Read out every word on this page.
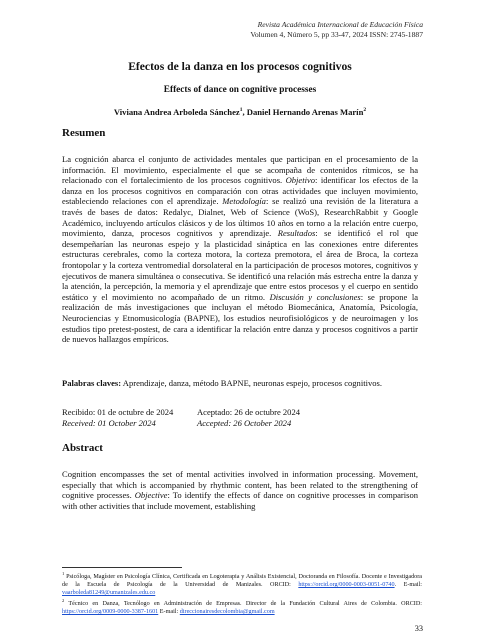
Revista Académica Internacional de Educación Física
Volumen 4, Número 5, pp 33-47, 2024 ISSN: 2745-1887
Efectos de la danza en los procesos cognitivos
Effects of dance on cognitive processes
Viviana Andrea Arboleda Sánchez$^1$, Daniel Hernando Arenas Marín$^2$
Resumen

La cognición abarca el conjunto de actividades mentales que participan en el procesamiento de la información. El movimiento, especialmente el que se acompaña de contenidos rítmicos, se ha relacionado con el fortalecimiento de los procesos cognitivos. Objetivo: identificar los efectos de la danza en los procesos cognitivos en comparación con otras actividades que incluyen movimiento, estableciendo relaciones con el aprendizaje. Metodología: se realizó una revisión de la literatura a través de bases de datos: Redalyc, Dialnet, Web of Science (WoS), ResearchRabbit y Google Académico, incluyendo artículos clásicos y de los últimos 10 años en torno a la relación entre cuerpo, movimiento, danza, procesos cognitivos y aprendizaje. Resultados: se identificó el rol que desempeñarían las neuronas espejo y la plasticidad sináptica en las conexiones entre diferentes estructuras cerebrales, como la corteza motora, la corteza premotora, el área de Broca, la corteza frontopolar y la corteza ventromedial dorsolateral en la participación de procesos motores, cognitivos y ejecutivos de manera simultánea o consecutiva. Se identificó una relación más estrecha entre la danza y la atención, la percepción, la memoria y el aprendizaje que entre estos procesos y el cuerpo en sentido estático y el movimiento no acompañado de un ritmo. Discusión y conclusiones: se propone la realización de más investigaciones que incluyan el método Biomecánica, Anatomía, Psicología, Neurociencias y Etnomusicología (BAPNE), los estudios neurofisiológicos y de neuroimagen y los estudios tipo pretest-postest, de cara a identificar la relación entre danza y procesos cognitivos a partir de nuevos hallazgos empíricos.

Palabras claves: Aprendizaje, danza, método BAPNE, neuronas espejo, procesos cognitivos.

Recibido: 01 de octubre de 2024	Aceptado: 26 de octubre 2024
Received: 01 October 2024	Accepted: 26 October 2024
Abstract

Cognition encompasses the set of mental activities involved in information processing. Movement, especially that which is accompanied by rhythmic content, has been related to the strengthening of cognitive processes. Objective: To identify the effects of dance on cognitive processes in comparison with other activities that include movement, establishing

$^1$ Psicóloga, Magíster en Psicología Clínica, Certificada en Logoterapia y Análisis Existencial, Doctoranda en Filosofía. Docente e Investigadora de la Escuela de Psicología de la Universidad de Manizales. ORCID: https://orcid.org/0000-0003-0051-0740. E-mail: vaarboleda81249@umanizales.edu.co

$^2$ Técnico en Danza, Tecnólogo en Administración de Empresas. Director de la Fundación Cultural Aires de Colombia. ORCID: https://orcid.org/0009-0000-3387-1601 E-mail: direccionairesdecolombia@gmail.com

33
